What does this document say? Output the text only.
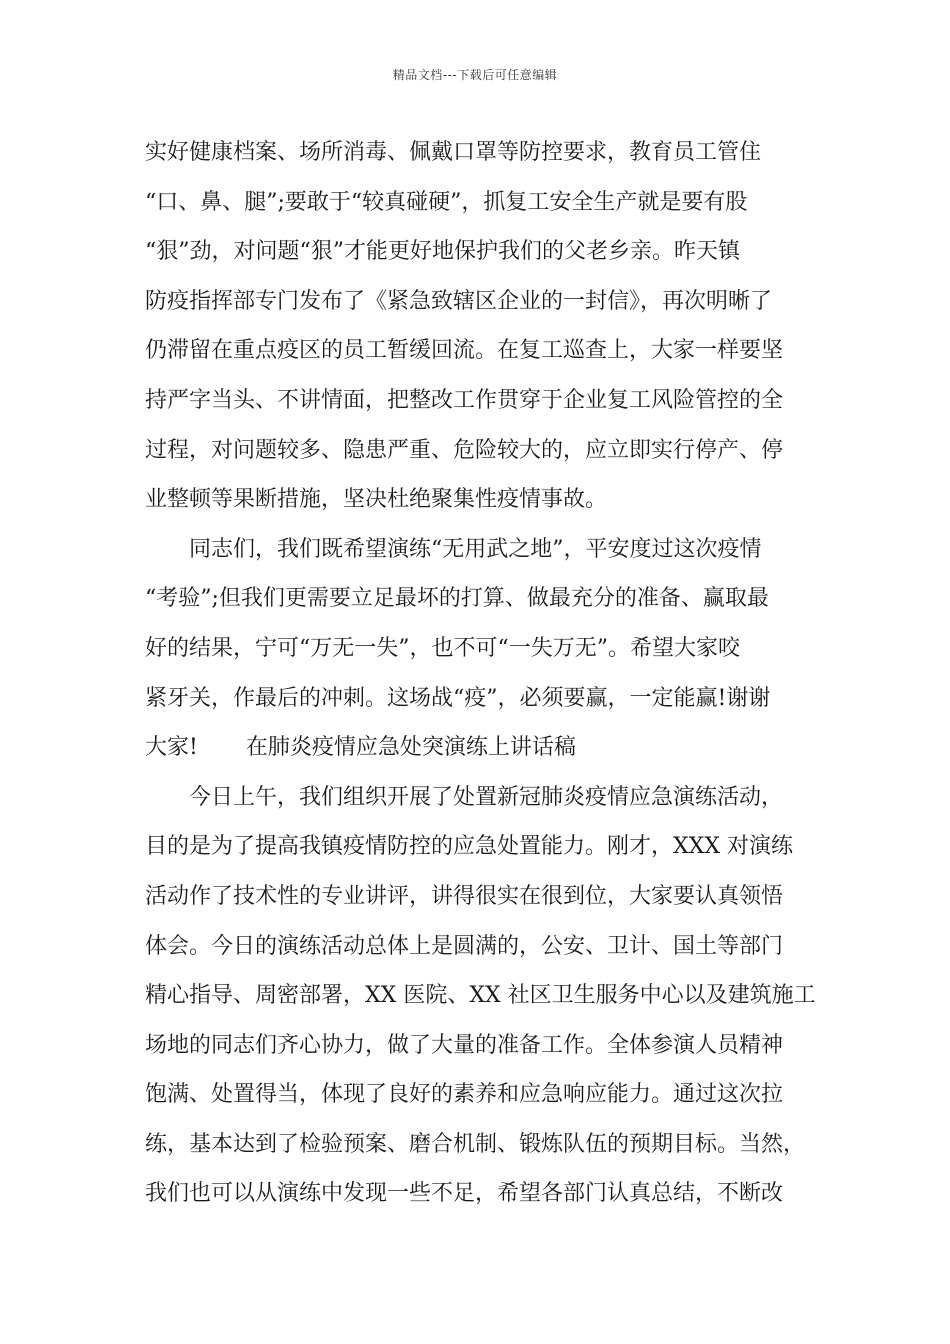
精品文档---下载后可任意编辑
实好健康档案、场所消毒、佩戴口罩等防控要求，教育员工管住
“口、鼻、腿”;要敢于“较真碰硬”，抓复工安全生产就是要有股
“狠”劲，对问题“狠”才能更好地保护我们的父老乡亲。昨天镇
防疫指挥部专门发布了《紧急致辖区企业的一封信》，再次明晰了
仍滞留在重点疫区的员工暂缓回流。在复工巡查上，大家一样要坚
持严字当头、不讲情面，把整改工作贯穿于企业复工风险管控的全
过程，对问题较多、隐患严重、危险较大的，应立即实行停产、停
业整顿等果断措施，坚决杜绝聚集性疫情事故。
同志们，我们既希望演练“无用武之地”，平安度过这次疫情
“考验”;但我们更需要立足最坏的打算、做最充分的准备、赢取最
好的结果，宁可“万无一失”，也不可“一失万无”。希望大家咬
紧牙关，作最后的冲刺。这场战“疫”，必须要赢，一定能赢!谢谢
大家! 在肺炎疫情应急处突演练上讲话稿
今日上午，我们组织开展了处置新冠肺炎疫情应急演练活动，
目的是为了提高我镇疫情防控的应急处置能力。刚才，XXX 对演练
活动作了技术性的专业讲评，讲得很实在很到位，大家要认真领悟
体会。今日的演练活动总体上是圆满的，公安、卫计、国土等部门
精心指导、周密部署，XX 医院、XX 社区卫生服务中心以及建筑施工
场地的同志们齐心协力，做了大量的准备工作。全体参演人员精神
饱满、处置得当，体现了良好的素养和应急响应能力。通过这次拉
练，基本达到了检验预案、磨合机制、锻炼队伍的预期目标。当然，
我们也可以从演练中发现一些不足，希望各部门认真总结，不断改
